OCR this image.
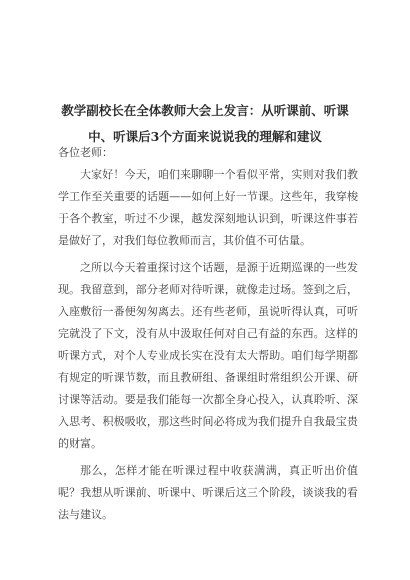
教学副校长在全体教师大会上发言：从听课前、听课
中、听课后3个方面来说说我的理解和建议

各位老师：

大家好！今天，咱们来聊聊一个看似平常，实则对我们教

学工作至关重要的话题——如何上好一节课。这些年，我穿梭

于各个教室，听过不少课，越发深刻地认识到，听课这件事若

是做好了，对我们每位教师而言，其价值不可估量。

之所以今天着重探讨这个话题，是源于近期巡课的一些发

现。我留意到，部分老师对待听课，就像走过场。签到之后，

入座敷衍一番便匆匆离去。还有些老师，虽说听得认真，可听

完就没了下文，没有从中汲取任何对自己有益的东西。这样的

听课方式，对个人专业成长实在没有太大帮助。咱们每学期都

有规定的听课节数，而且教研组、备课组时常组织公开课、研

讨课等活动。要是我们能每一次都全身心投入，认真聆听、深

入思考、积极吸收，那这些时间必将成为我们提升自我最宝贵

的财富。

那么，怎样才能在听课过程中收获满满，真正听出价值

呢？我想从听课前、听课中、听课后这三个阶段，谈谈我的看

法与建议。
